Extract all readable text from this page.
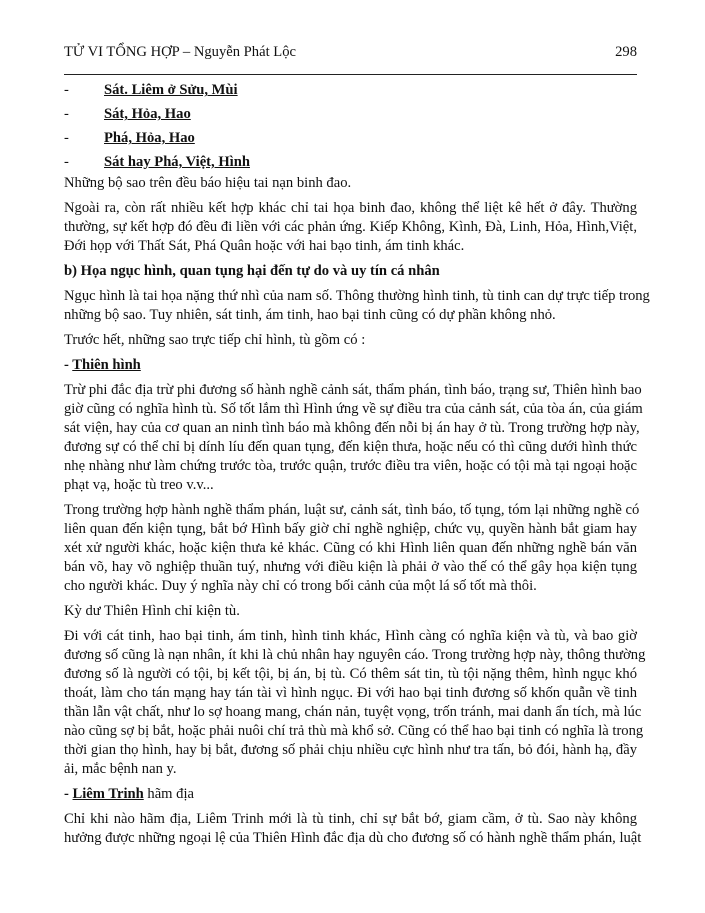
TỬ VI TỔNG HỢP – Nguyễn Phát Lộc	298
- Sát. Liêm ở Sửu, Mùi
- Sát, Hỏa, Hao
- Phá, Hỏa, Hao
- Sát hay Phá, Việt, Hình
Những bộ sao trên đều báo hiệu tai nạn binh đao.
Ngoài ra, còn rất nhiều kết hợp khác chỉ tai họa binh đao, không thể liệt kê hết ở đây. Thường
thường, sự kết hợp đó đều đi liền với các phản ứng. Kiếp Không, Kình, Đà, Linh, Hỏa, Hình,Việt,
Đới họp với Thất Sát, Phá Quân hoặc với hai bạo tinh, ám tinh khác.
b) Họa ngục hình, quan tụng hại đến tự do và uy tín cá nhân
Ngục hình là tai họa nặng thứ nhì của nam số. Thông thường hình tinh, tù tinh can dự trực tiếp trong
những bộ sao. Tuy nhiên, sát tinh, ám tinh, hao bại tinh cũng có dự phần không nhỏ.
Trước hết, những sao trực tiếp chỉ hình, tù gồm có :
- Thiên hình
Trừ phi đắc địa trừ phi đương số hành nghề cảnh sát, thẩm phán, tình báo, trạng sư, Thiên hình bao
giờ cũng có nghĩa hình tù. Số tốt lắm thì Hình ứng về sự điều tra của cảnh sát, của tòa án, của giám
sát viện, hay của cơ quan an ninh tình báo mà không đến nỗi bị án hay ở tù. Trong trường hợp này,
đương sự có thể chỉ bị dính líu đến quan tụng, đến kiện thưa, hoặc nếu có thì cũng dưới hình thức
nhẹ nhàng như làm chứng trước tòa, trước quận, trước điều tra viên, hoặc có tội mà tại ngoại hoặc
phạt vạ, hoặc tù treo v.v...
Trong trường hợp hành nghề thẩm phán, luật sư, cảnh sát, tình báo, tố tụng, tóm lại những nghề có
liên quan đến kiện tụng, bắt bớ Hình bấy giờ chỉ nghề nghiệp, chức vụ, quyền hành bắt giam hay
xét xử người khác, hoặc kiện thưa kẻ khác. Cũng có khi Hình liên quan đến những nghề bán văn
bán võ, hay võ nghiệp thuần tuý, nhưng với điều kiện là phải ở vào thế có thể gây họa kiện tụng
cho người khác. Duy ý nghĩa này chỉ có trong bối cảnh của một lá số tốt mà thôi.
Kỳ dư Thiên Hình chỉ kiện tù.
Đi với cát tinh, hao bại tinh, ám tinh, hình tinh khác, Hình càng có nghĩa kiện và tù, và bao giờ
đương số cũng là nạn nhân, ít khi là chủ nhân hay nguyên cáo. Trong trường hợp này, thông thường
đương số là người có tội, bị kết tội, bị án, bị tù. Có thêm sát tin, tù tội nặng thêm, hình ngục khó
thoát, làm cho tán mạng hay tán tài vì hình ngục. Đi với hao bại tinh đương số khốn quẫn về tinh
thần lẫn vật chất, như lo sợ hoang mang, chán nản, tuyệt vọng, trốn tránh, mai danh ẩn tích, mà lúc
nào cũng sợ bị bắt, hoặc phải nuôi chí trả thù mà khổ sở. Cũng có thể hao bại tinh có nghĩa là trong
thời gian thọ hình, hay bị bắt, đương số phải chịu nhiều cực hình như tra tấn, bỏ đói, hành hạ, đầy
ải, mắc bệnh nan y.
- Liêm Trinh hãm địa
Chỉ khi nào hãm địa, Liêm Trinh mới là tù tinh, chỉ sự bắt bớ, giam cầm, ở tù. Sao này không
hưởng được những ngoại lệ của Thiên Hình đắc địa dù cho đương số có hành nghề thẩm phán, luật
